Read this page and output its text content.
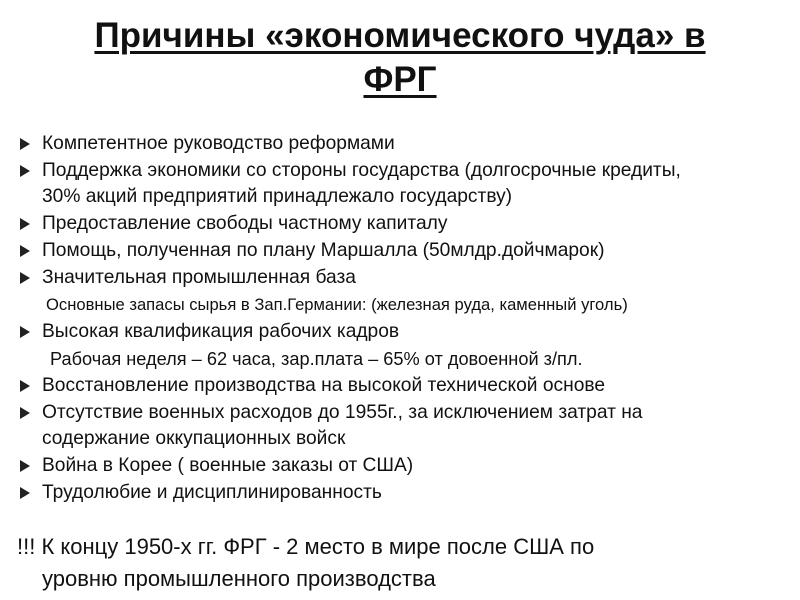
Причины «экономического чуда» в
ФРГ
Компетентное руководство реформами
Поддержка экономики со стороны государства (долгосрочные кредиты,
30% акций предприятий принадлежало государству)
Предоставление свободы частному капиталу
Помощь, полученная по плану Маршалла (50млдр.дойчмарок)
Значительная промышленная база
Основные запасы сырья в Зап.Германии: (железная руда, каменный уголь)
Высокая квалификация рабочих кадров
Рабочая неделя – 62 часа, зар.плата – 65% от довоенной з/пл.
Восстановление производства на высокой технической основе
Отсутствие военных расходов до 1955г., за исключением затрат на
содержание оккупационных войск
Война в Корее ( военные заказы от США)
Трудолюбие и дисциплинированность

!!! К концу 1950-х гг. ФРГ - 2 место в мире после США по
уровню промышленного производства
